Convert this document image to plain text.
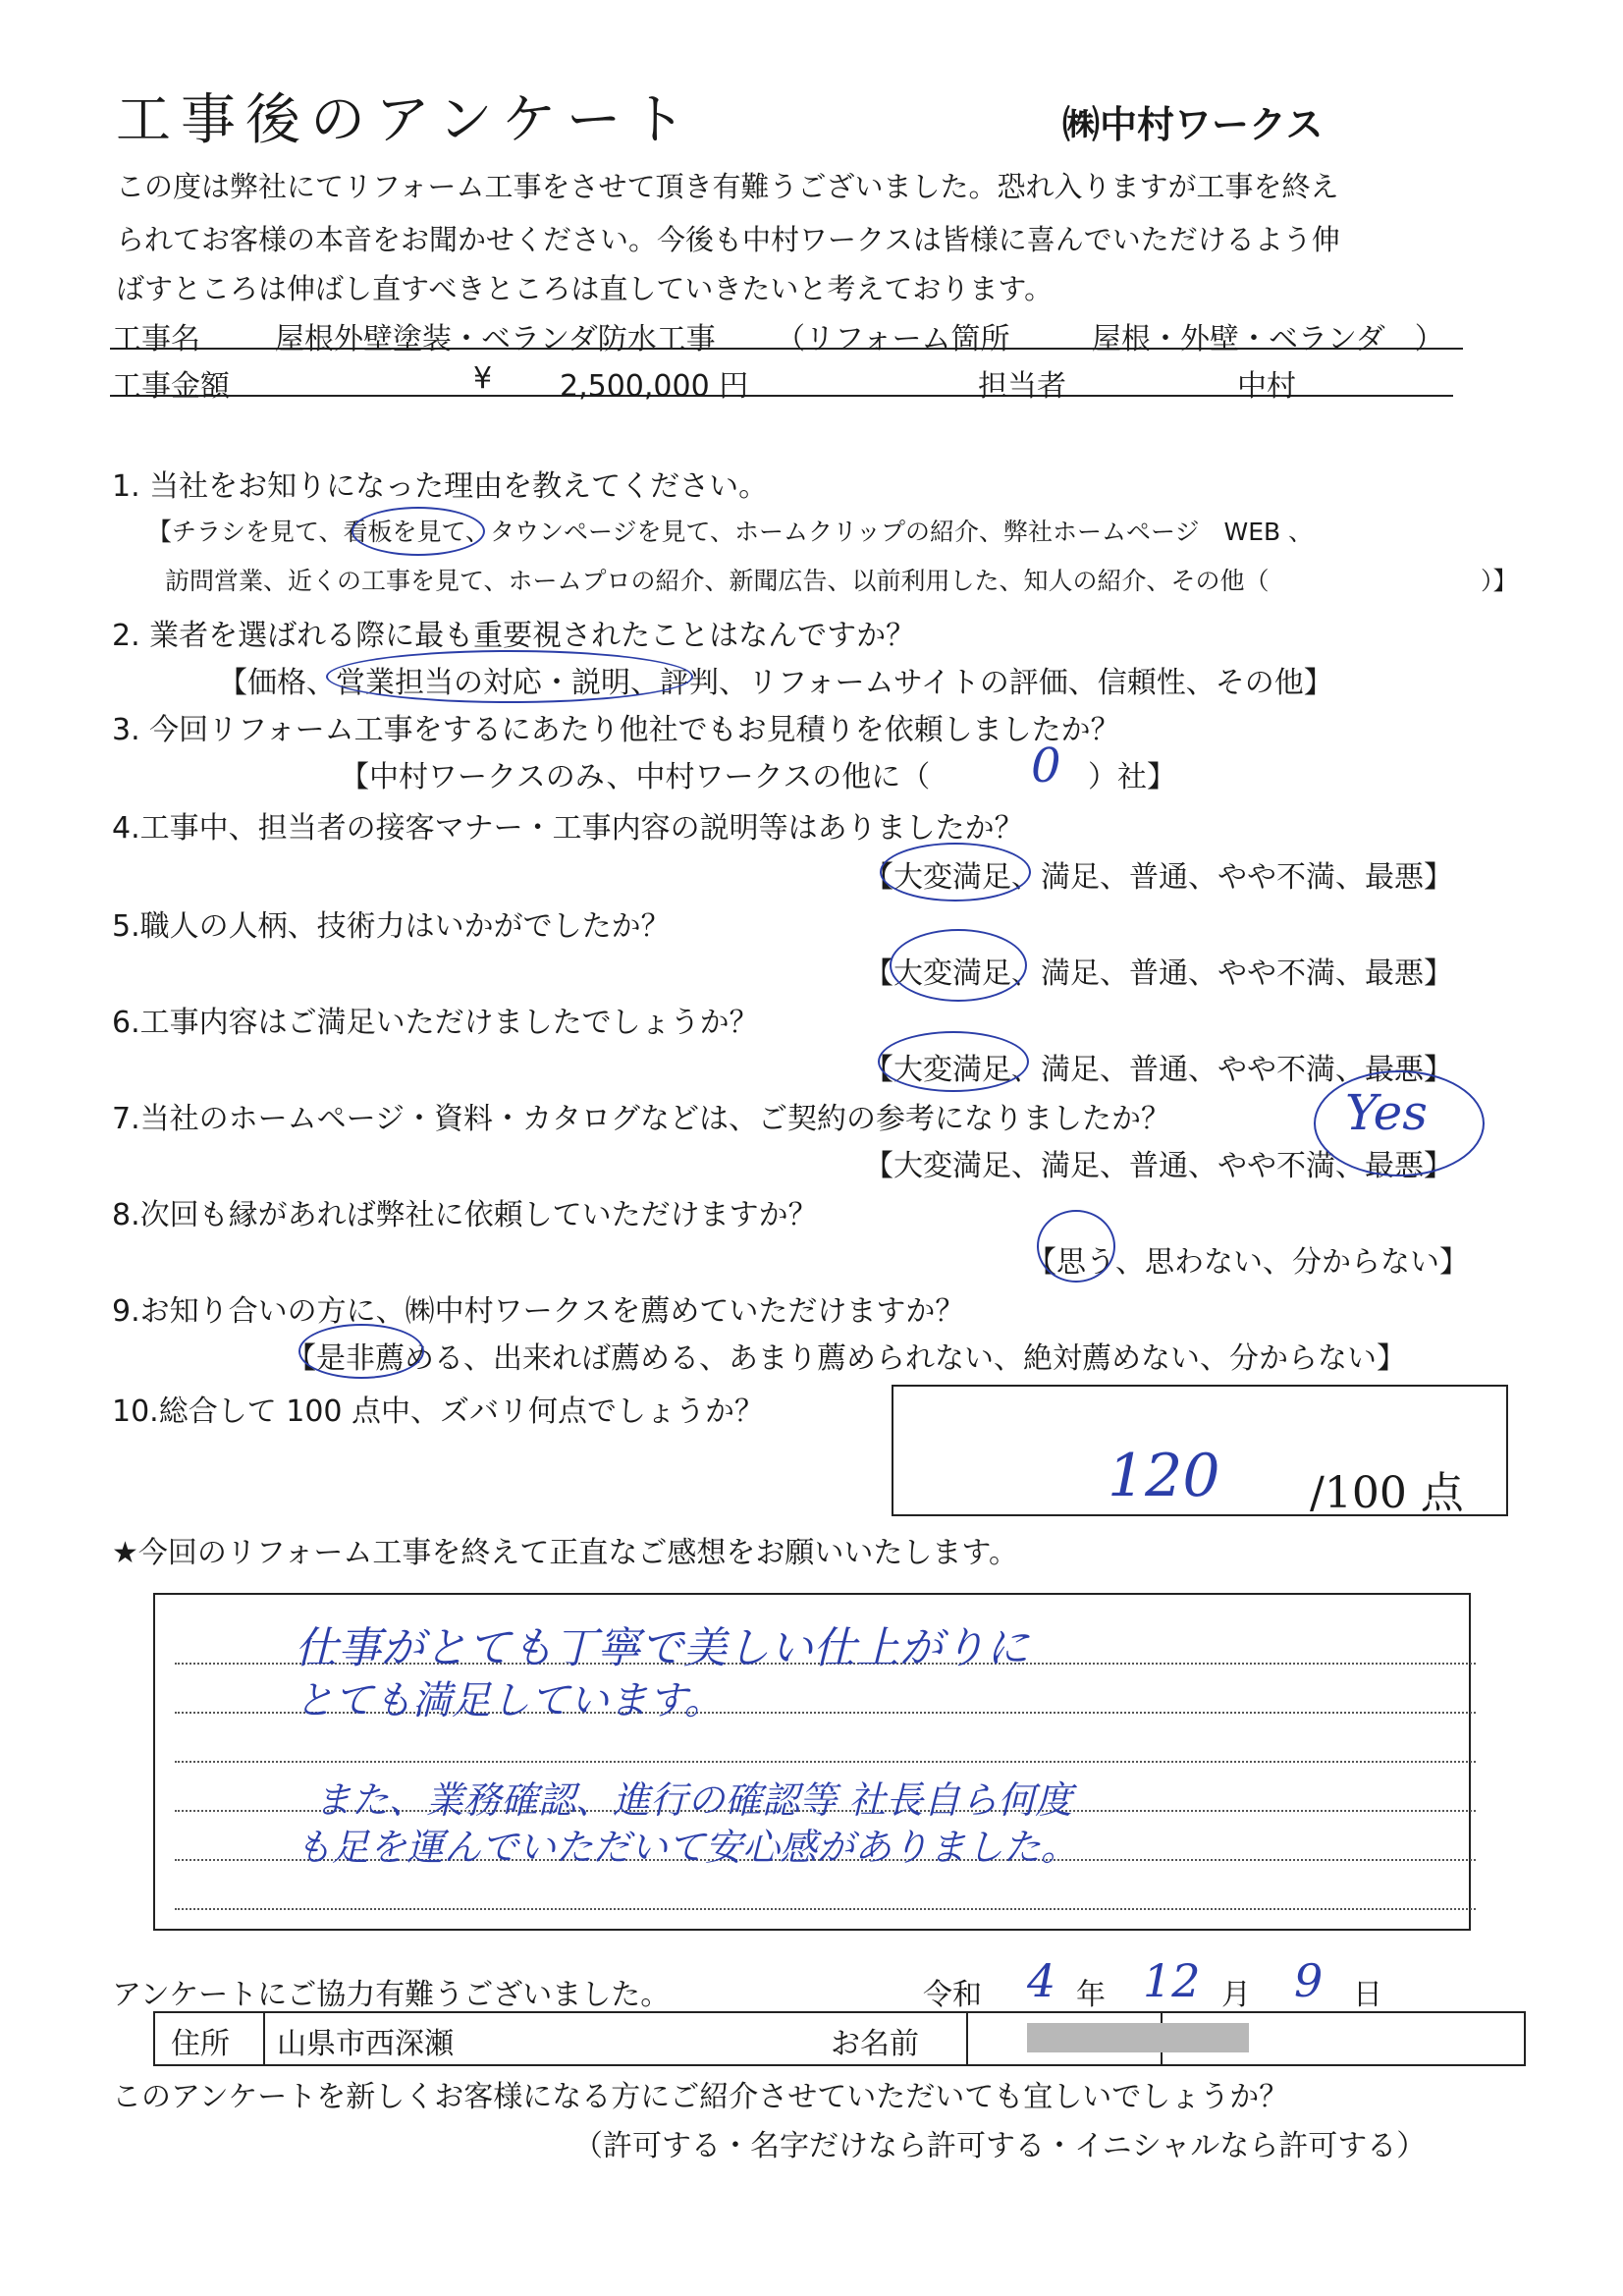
工事後のアンケート	㈱中村ワークス
この度は弊社にてリフォーム工事をさせて頂き有難うございました。恐れ入りますが工事を終え
られてお客様の本音をお聞かせください。今後も中村ワークスは皆様に喜んでいただけるよう伸
ばすところは伸ばし直すべきところは直していきたいと考えております。
工事名	屋根外壁塗装・ベランダ防水工事 （リフォーム箇所	屋根・外壁・ベランダ　）
工事金額	¥ 2,500,000 円	担当者	中村
1. 当社をお知りになった理由を教えてください。
【チラシを見て、看板を見て、タウンページを見て、ホームクリップの紹介、弊社ホームページ　WEB 、
訪問営業、近くの工事を見て、ホームプロの紹介、新聞広告、以前利用した、知人の紹介、その他（	）】
2. 業者を選ばれる際に最も重要視されたことはなんですか？
【価格、営業担当の対応・説明、評判、リフォームサイトの評価、信頼性、その他】
3. 今回リフォーム工事をするにあたり他社でもお見積りを依頼しましたか？
【中村ワークスのみ、中村ワークスの他に（ 0 ）社】
4.工事中、担当者の接客マナー・工事内容の説明等はありましたか？
【大変満足、満足、普通、やや不満、最悪】
5.職人の人柄、技術力はいかがでしたか？
【大変満足、満足、普通、やや不満、最悪】
6.工事内容はご満足いただけましたでしょうか？
【大変満足、満足、普通、やや不満、最悪】
7.当社のホームページ・資料・カタログなどは、ご契約の参考になりましたか？
【大変満足、満足、普通、やや不満、最悪】
Yes
8.次回も縁があれば弊社に依頼していただけますか？
【思う、思わない、分からない】
9.お知り合いの方に、㈱中村ワークスを薦めていただけますか？
【是非薦める、出来れば薦める、あまり薦められない、絶対薦めない、分からない】
10.総合して 100 点中、ズバリ何点でしょうか？
120 /100 点
★今回のリフォーム工事を終えて正直なご感想をお願いいたします。
仕事がとても丁寧で美しい仕上がりに
とても満足しています。
また、業務確認、進行の確認等 社長自ら何度
も足を運んでいただいて安心感がありました。
アンケートにご協力有難うございました。	令和 4 年 12 月 9 日
住所 山県市西深瀬	お名前
このアンケートを新しくお客様になる方にご紹介させていただいても宜しいでしょうか？
（許可する・名字だけなら許可する・イニシャルなら許可する）
